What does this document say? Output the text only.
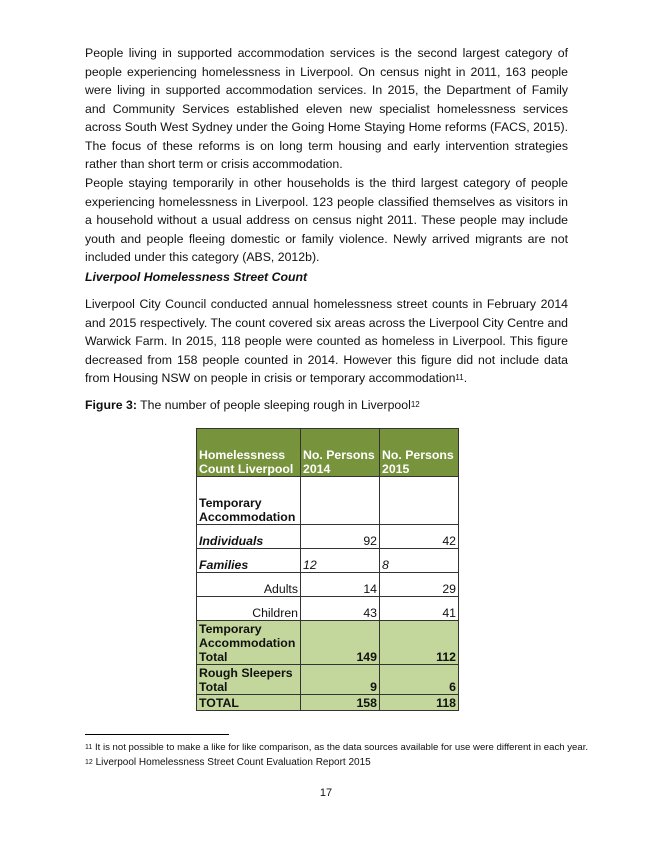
People living in supported accommodation services is the second largest category of people experiencing homelessness in Liverpool. On census night in 2011, 163 people were living in supported accommodation services. In 2015, the Department of Family and Community Services established eleven new specialist homelessness services across South West Sydney under the Going Home Staying Home reforms (FACS, 2015). The focus of these reforms is on long term housing and early intervention strategies rather than short term or crisis accommodation.

People staying temporarily in other households is the third largest category of people experiencing homelessness in Liverpool. 123 people classified themselves as visitors in a household without a usual address on census night 2011. These people may include youth and people fleeing domestic or family violence. Newly arrived migrants are not included under this category (ABS, 2012b).

Liverpool Homelessness Street Count

Liverpool City Council conducted annual homelessness street counts in February 2014 and 2015 respectively. The count covered six areas across the Liverpool City Centre and Warwick Farm. In 2015, 118 people were counted as homeless in Liverpool. This figure decreased from 158 people counted in 2014. However this figure did not include data from Housing NSW on people in crisis or temporary accommodation$^{11}$.

Figure 3: The number of people sleeping rough in Liverpool$^{12}$

Homelessness Count Liverpool	No. Persons 2014	No. Persons 2015
Temporary Accommodation		
Individuals	92	42
Families	12	8
Adults	14	29
Children	43	41
Temporary Accommodation Total	149	112
Rough Sleepers Total	9	6
TOTAL	158	118

$^{11}$ It is not possible to make a like for like comparison, as the data sources available for use were different in each year.

$^{12}$ Liverpool Homelessness Street Count Evaluation Report 2015

17
